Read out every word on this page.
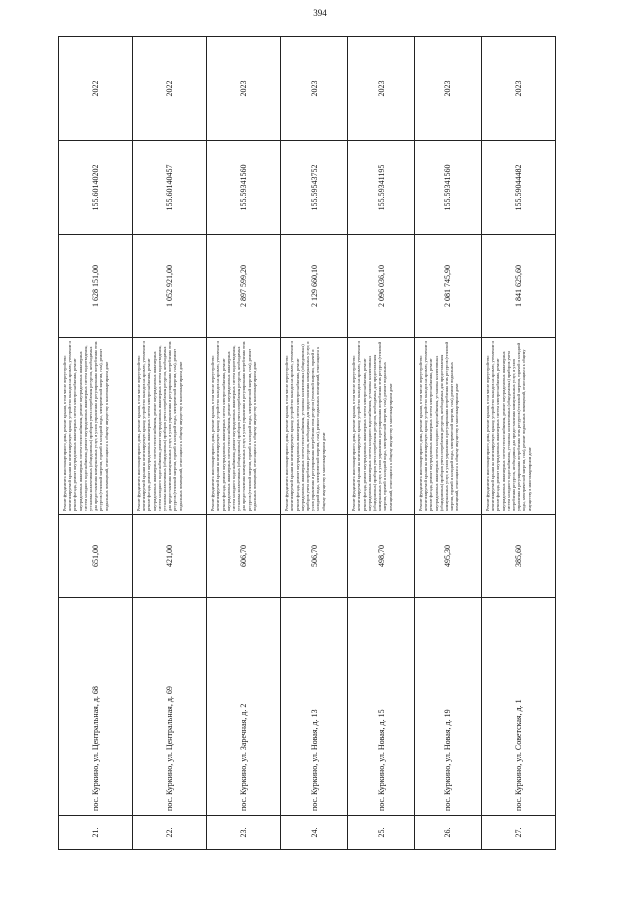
394
21.	пос. Куркино, ул. Центральная, д. 68	651,00	Ремонт фундамента многоквартирного дома, ремонт крыши, в том числе переустройство невентилируемой крыши на вентилируемую крышу, устройство выходов на кровлю, утепление и ремонт фасада, ремонт внутридомовых инженерных систем электроснабжения, ремонт внутридомовых инженерных систем теплоснабжения, ремонт внутридомовых инженерных систем холодного водоснабжения, ремонт внутридомовых инженерных систем водоотведения, установка коллективных (общедомовых) приборов учета потребления ресурсов, необходимых для предоставления коммунальных услуг, и узлов управления и регулирования потребления этих ресурсов (тепловой энергии, горячей и холодной воды, электрической энергии, газа), ремонт подвальных помещений, относящихся к общему имуществу в многоквартирном доме	1 628 151,00	155.60140202	2022
22.	пос. Куркино, ул. Центральная, д. 69	421,00	Ремонт фундамента многоквартирного дома, ремонт крыши, в том числе переустройство невентилируемой крыши на вентилируемую крышу, устройство выходов на кровлю, утепление и ремонт фасада, ремонт внутридомовых инженерных систем электроснабжения, ремонт внутридомовых инженерных систем теплоснабжения, ремонт внутридомовых инженерных систем холодного водоснабжения, ремонт внутридомовых инженерных систем водоотведения, установка коллективных (общедомовых) приборов учета потребления ресурсов, необходимых для предоставления коммунальных услуг, и узлов управления и регулирования потребления этих ресурсов (тепловой энергии, горячей и холодной воды, электрической энергии, газа), ремонт подвальных помещений, относящихся к общему имуществу в многоквартирном доме	1 052 921,00	155.60140457	2022
23.	пос. Куркино, ул. Заречная, д. 2	606,70	Ремонт фундамента многоквартирного дома, ремонт крыши, в том числе переустройство невентилируемой крыши на вентилируемую крышу, устройство выходов на кровлю, утепление и ремонт фасада, ремонт внутридомовых инженерных систем электроснабжения, ремонт внутридомовых инженерных систем теплоснабжения, ремонт внутридомовых инженерных систем холодного водоснабжения, ремонт внутридомовых инженерных систем водоотведения, установка коллективных (общедомовых) приборов учета потребления ресурсов, необходимых для предоставления коммунальных услуг, и узлов управления и регулирования потребления этих ресурсов (тепловой энергии, горячей и холодной воды, электрической энергии, газа), ремонт подвальных помещений, относящихся к общему имуществу в многоквартирном доме	2 897 599,20	155.59341560	2023
24.	пос. Куркино, ул. Новая, д. 13	506,70	Ремонт фундамента многоквартирного дома, ремонт крыши, в том числе переустройство невентилируемой крыши на вентилируемую крышу, устройство выходов на кровлю, утепление и ремонт фасада, ремонт внутридомовых инженерных систем электроснабжения, ремонт внутридомовых инженерных систем теплоснабжения, установка коллективных (общедомовых) приборов учета потребления ресурсов, необходимых для предоставления коммунальных услуг, и узлов управления и регулирования потребления этих ресурсов (тепловой энергии, горячей и холодной воды, электрической энергии, газа), ремонт подвальных помещений, относящихся к общему имуществу в многоквартирном доме	2 129 660,10	155.59543752	2023
25.	пос. Куркино, ул. Новая, д. 15	498,70	Ремонт фундамента многоквартирного дома, ремонт крыши, в том числе переустройство невентилируемой крыши на вентилируемую крышу, устройство выходов на кровлю, утепление и ремонт фасада, ремонт внутридомовых инженерных систем электроснабжения, ремонт внутридомовых инженерных систем холодного водоснабжения, установка коллективных (общедомовых) приборов учета потребления ресурсов, необходимых для предоставления коммунальных услуг, и узлов управления и регулирования потребления этих ресурсов (тепловой энергии, горячей и холодной воды, электрической энергии, газа), ремонт подвальных помещений, относящихся к общему имуществу в многоквартирном доме	2 096 036,10	155.59341195	2023
26.	пос. Куркино, ул. Новая, д. 19	495,30	Ремонт фундамента многоквартирного дома, ремонт крыши, в том числе переустройство невентилируемой крыши на вентилируемую крышу, устройство выходов на кровлю, утепление и ремонт фасада, ремонт внутридомовых инженерных систем электроснабжения, ремонт внутридомовых инженерных систем холодного водоснабжения, установка коллективных (общедомовых) приборов учета потребления ресурсов, необходимых для предоставления коммунальных услуг, и узлов управления и регулирования потребления этих ресурсов (тепловой энергии, горячей и холодной воды, электрической энергии, газа), ремонт подвальных помещений, относящихся к общему имуществу в многоквартирном доме	2 081 745,90	155.59341560	2023
27.	пос. Куркино, ул. Советская, д. 1	385,60	Ремонт фундамента многоквартирного дома, ремонт крыши, в том числе переустройство невентилируемой крыши на вентилируемую крышу, устройство выходов на кровлю, утепление и ремонт фасада, ремонт внутридомовых инженерных систем электроснабжения, ремонт внутридомовых инженерных систем теплоснабжения, ремонт внутридомовых инженерных систем холодного водоснабжения, установка коллективных (общедомовых) приборов учета потребления ресурсов, необходимых для предоставления коммунальных услуг, и узлов управления и регулирования потребления этих ресурсов (тепловой энергии, горячей и холодной воды, электрической энергии, газа), ремонт подвальных помещений, относящихся к общему имуществу в многоквартирном доме	1 841 625,60	155.59044482	2023
